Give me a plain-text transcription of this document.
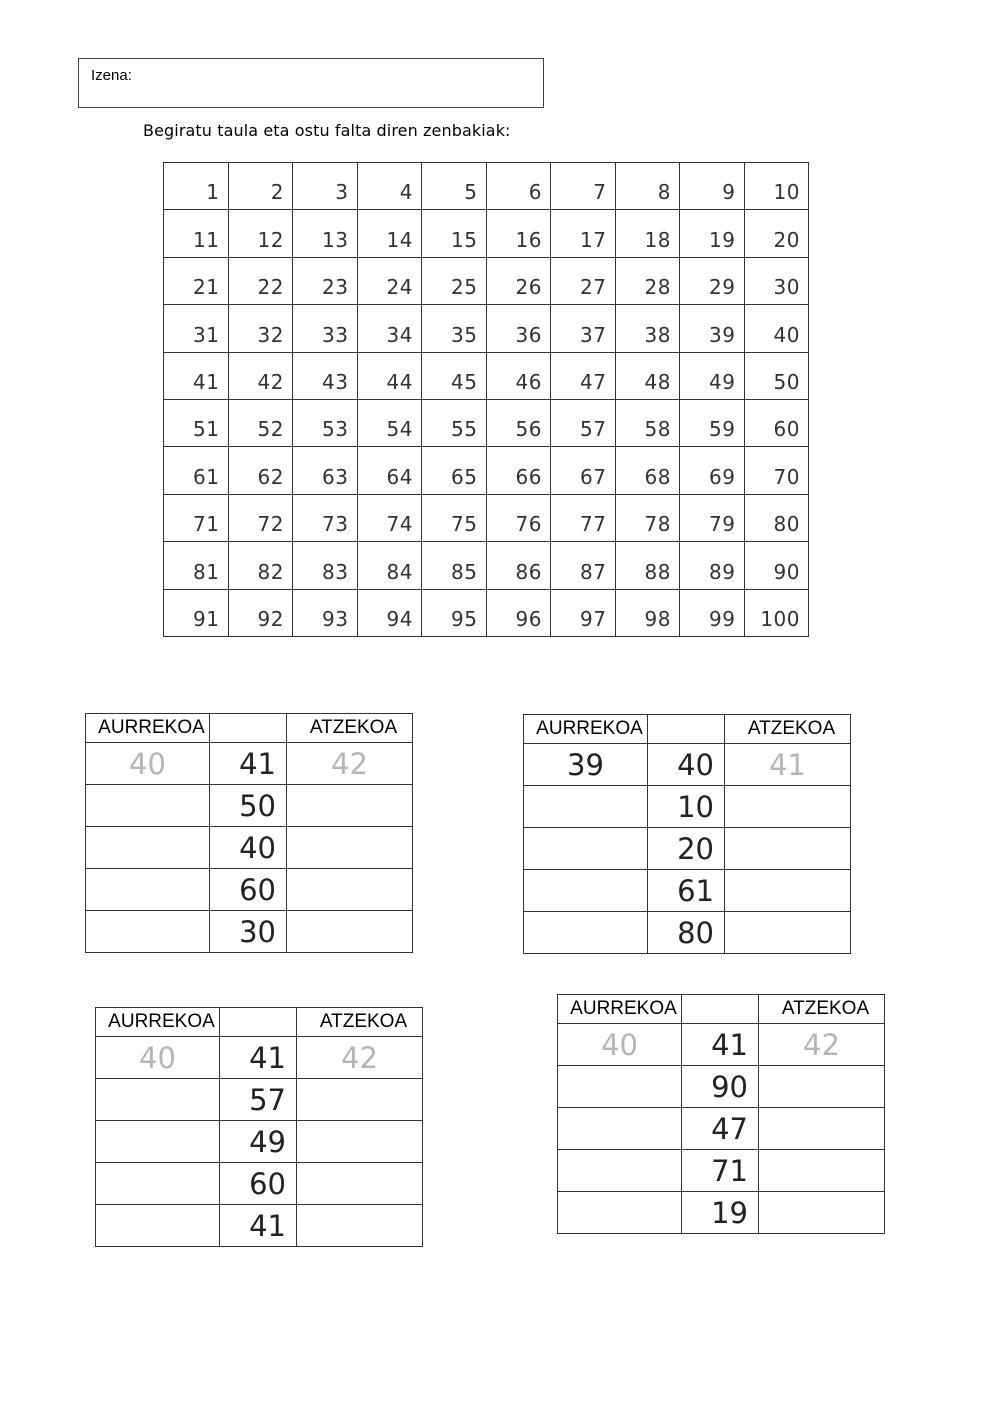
Izena:
Begiratu taula eta ostu falta diren zenbakiak:
1	2	3	4	5	6	7	8	9	10
11	12	13	14	15	16	17	18	19	20
21	22	23	24	25	26	27	28	29	30
31	32	33	34	35	36	37	38	39	40
41	42	43	44	45	46	47	48	49	50
51	52	53	54	55	56	57	58	59	60
61	62	63	64	65	66	67	68	69	70
71	72	73	74	75	76	77	78	79	80
81	82	83	84	85	86	87	88	89	90
91	92	93	94	95	96	97	98	99	100
AURREKOA		ATZEKOA
40	41	42
	50	
	40	
	60	
	30	
AURREKOA		ATZEKOA
39	40	41
	10	
	20	
	61	
	80	
AURREKOA		ATZEKOA
40	41	42
	57	
	49	
	60	
	41	
AURREKOA		ATZEKOA
40	41	42
	90	
	47	
	71	
	19	
